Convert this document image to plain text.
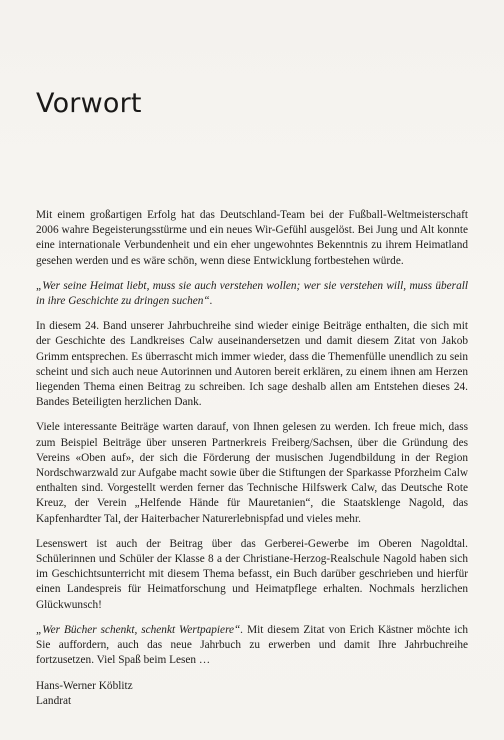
Vorwort

Mit einem großartigen Erfolg hat das Deutschland-Team bei der Fußball-Weltmeisterschaft 2006 wahre Begeisterungsstürme und ein neues Wir-Gefühl ausgelöst. Bei Jung und Alt konnte eine internationale Verbundenheit und ein eher ungewohntes Bekenntnis zu ihrem Heimatland gesehen werden und es wäre schön, wenn diese Entwicklung fortbestehen würde.

„Wer seine Heimat liebt, muss sie auch verstehen wollen; wer sie verstehen will, muss überall in ihre Geschichte zu dringen suchen“.

In diesem 24. Band unserer Jahrbuchreihe sind wieder einige Beiträge enthalten, die sich mit der Geschichte des Landkreises Calw auseinandersetzen und damit diesem Zitat von Jakob Grimm entsprechen. Es überrascht mich immer wieder, dass die Themenfülle unendlich zu sein scheint und sich auch neue Autorinnen und Autoren bereit erklären, zu einem ihnen am Herzen liegenden Thema einen Beitrag zu schreiben. Ich sage deshalb allen am Entstehen dieses 24. Bandes Beteiligten herzlichen Dank.

Viele interessante Beiträge warten darauf, von Ihnen gelesen zu werden. Ich freue mich, dass zum Beispiel Beiträge über unseren Partnerkreis Freiberg/Sachsen, über die Gründung des Vereins «Oben auf», der sich die Förderung der musischen Jugendbildung in der Region Nordschwarzwald zur Aufgabe macht sowie über die Stiftungen der Sparkasse Pforzheim Calw enthalten sind. Vorgestellt werden ferner das Technische Hilfswerk Calw, das Deutsche Rote Kreuz, der Verein „Helfende Hände für Mauretanien“, die Staatsklenge Nagold, das Kapfenhardter Tal, der Haiterbacher Naturerlebnispfad und vieles mehr.

Lesenswert ist auch der Beitrag über das Gerberei-Gewerbe im Oberen Nagoldtal. Schülerinnen und Schüler der Klasse 8 a der Christiane-Herzog-Realschule Nagold haben sich im Geschichtsunterricht mit diesem Thema befasst, ein Buch darüber geschrieben und hierfür einen Landespreis für Heimatforschung und Heimatpflege erhalten. Nochmals herzlichen Glückwunsch!

„Wer Bücher schenkt, schenkt Wertpapiere“. Mit diesem Zitat von Erich Kästner möchte ich Sie auffordern, auch das neue Jahrbuch zu erwerben und damit Ihre Jahrbuchreihe fortzusetzen. Viel Spaß beim Lesen …

Hans-Werner Köblitz
Landrat
